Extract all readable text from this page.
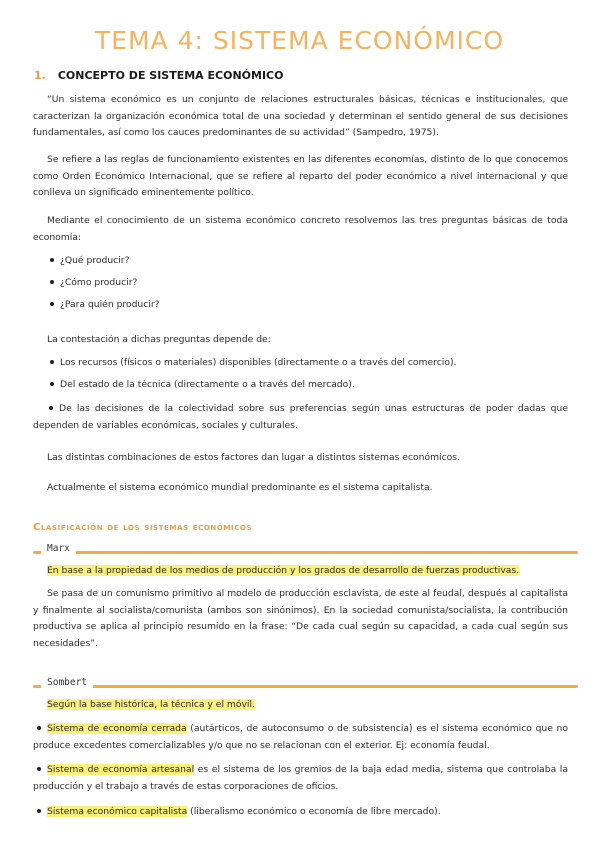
TEMA 4: SISTEMA ECONÓMICO
1. CONCEPTO DE SISTEMA ECONÓMICO

“Un sistema económico es un conjunto de relaciones estructurales básicas, técnicas e institucionales, que caracterizan la organización económica total de una sociedad y determinan el sentido general de sus decisiones fundamentales, así como los cauces predominantes de su actividad” (Sampedro, 1975).

Se refiere a las reglas de funcionamiento existentes en las diferentes economías, distinto de lo que conocemos como Orden Económico Internacional, que se refiere al reparto del poder económico a nivel internacional y que conlleva un significado eminentemente político.

Mediante el conocimiento de un sistema económico concreto resolvemos las tres preguntas básicas de toda economía:

¿Qué producir?
¿Cómo producir?
¿Para quién producir?

La contestación a dichas preguntas depende de:

Los recursos (físicos o materiales) disponibles (directamente o a través del comercio).
Del estado de la técnica (directamente o a través del mercado).
De las decisiones de la colectividad sobre sus preferencias según unas estructuras de poder dadas que dependen de variables económicas, sociales y culturales.

Las distintas combinaciones de estos factores dan lugar a distintos sistemas económicos.

Actualmente el sistema económico mundial predominante es el sistema capitalista.

Clasificación de los sistemas económicos
Marx

En base a la propiedad de los medios de producción y los grados de desarrollo de fuerzas productivas.

Se pasa de un comunismo primitivo al modelo de producción esclavista, de este al feudal, después al capitalista y finalmente al socialista/comunista (ambos son sinónimos). En la sociedad comunista/socialista, la contribución productiva se aplica al principio resumido en la frase: “De cada cual según su capacidad, a cada cual según sus necesidades”.

Sombert

Según la base histórica, la técnica y el móvil.

Sistema de economía cerrada (autárticos, de autoconsumo o de subsistencia) es el sistema económico que no produce excedentes comercializables y/o que no se relacionan con el exterior. Ej: economía feudal.

Sistema de economía artesanal es el sistema de los gremios de la baja edad media, sistema que controlaba la producción y el trabajo a través de estas corporaciones de oficios.

Sistema económico capitalista (liberalismo económico o economía de libre mercado).
